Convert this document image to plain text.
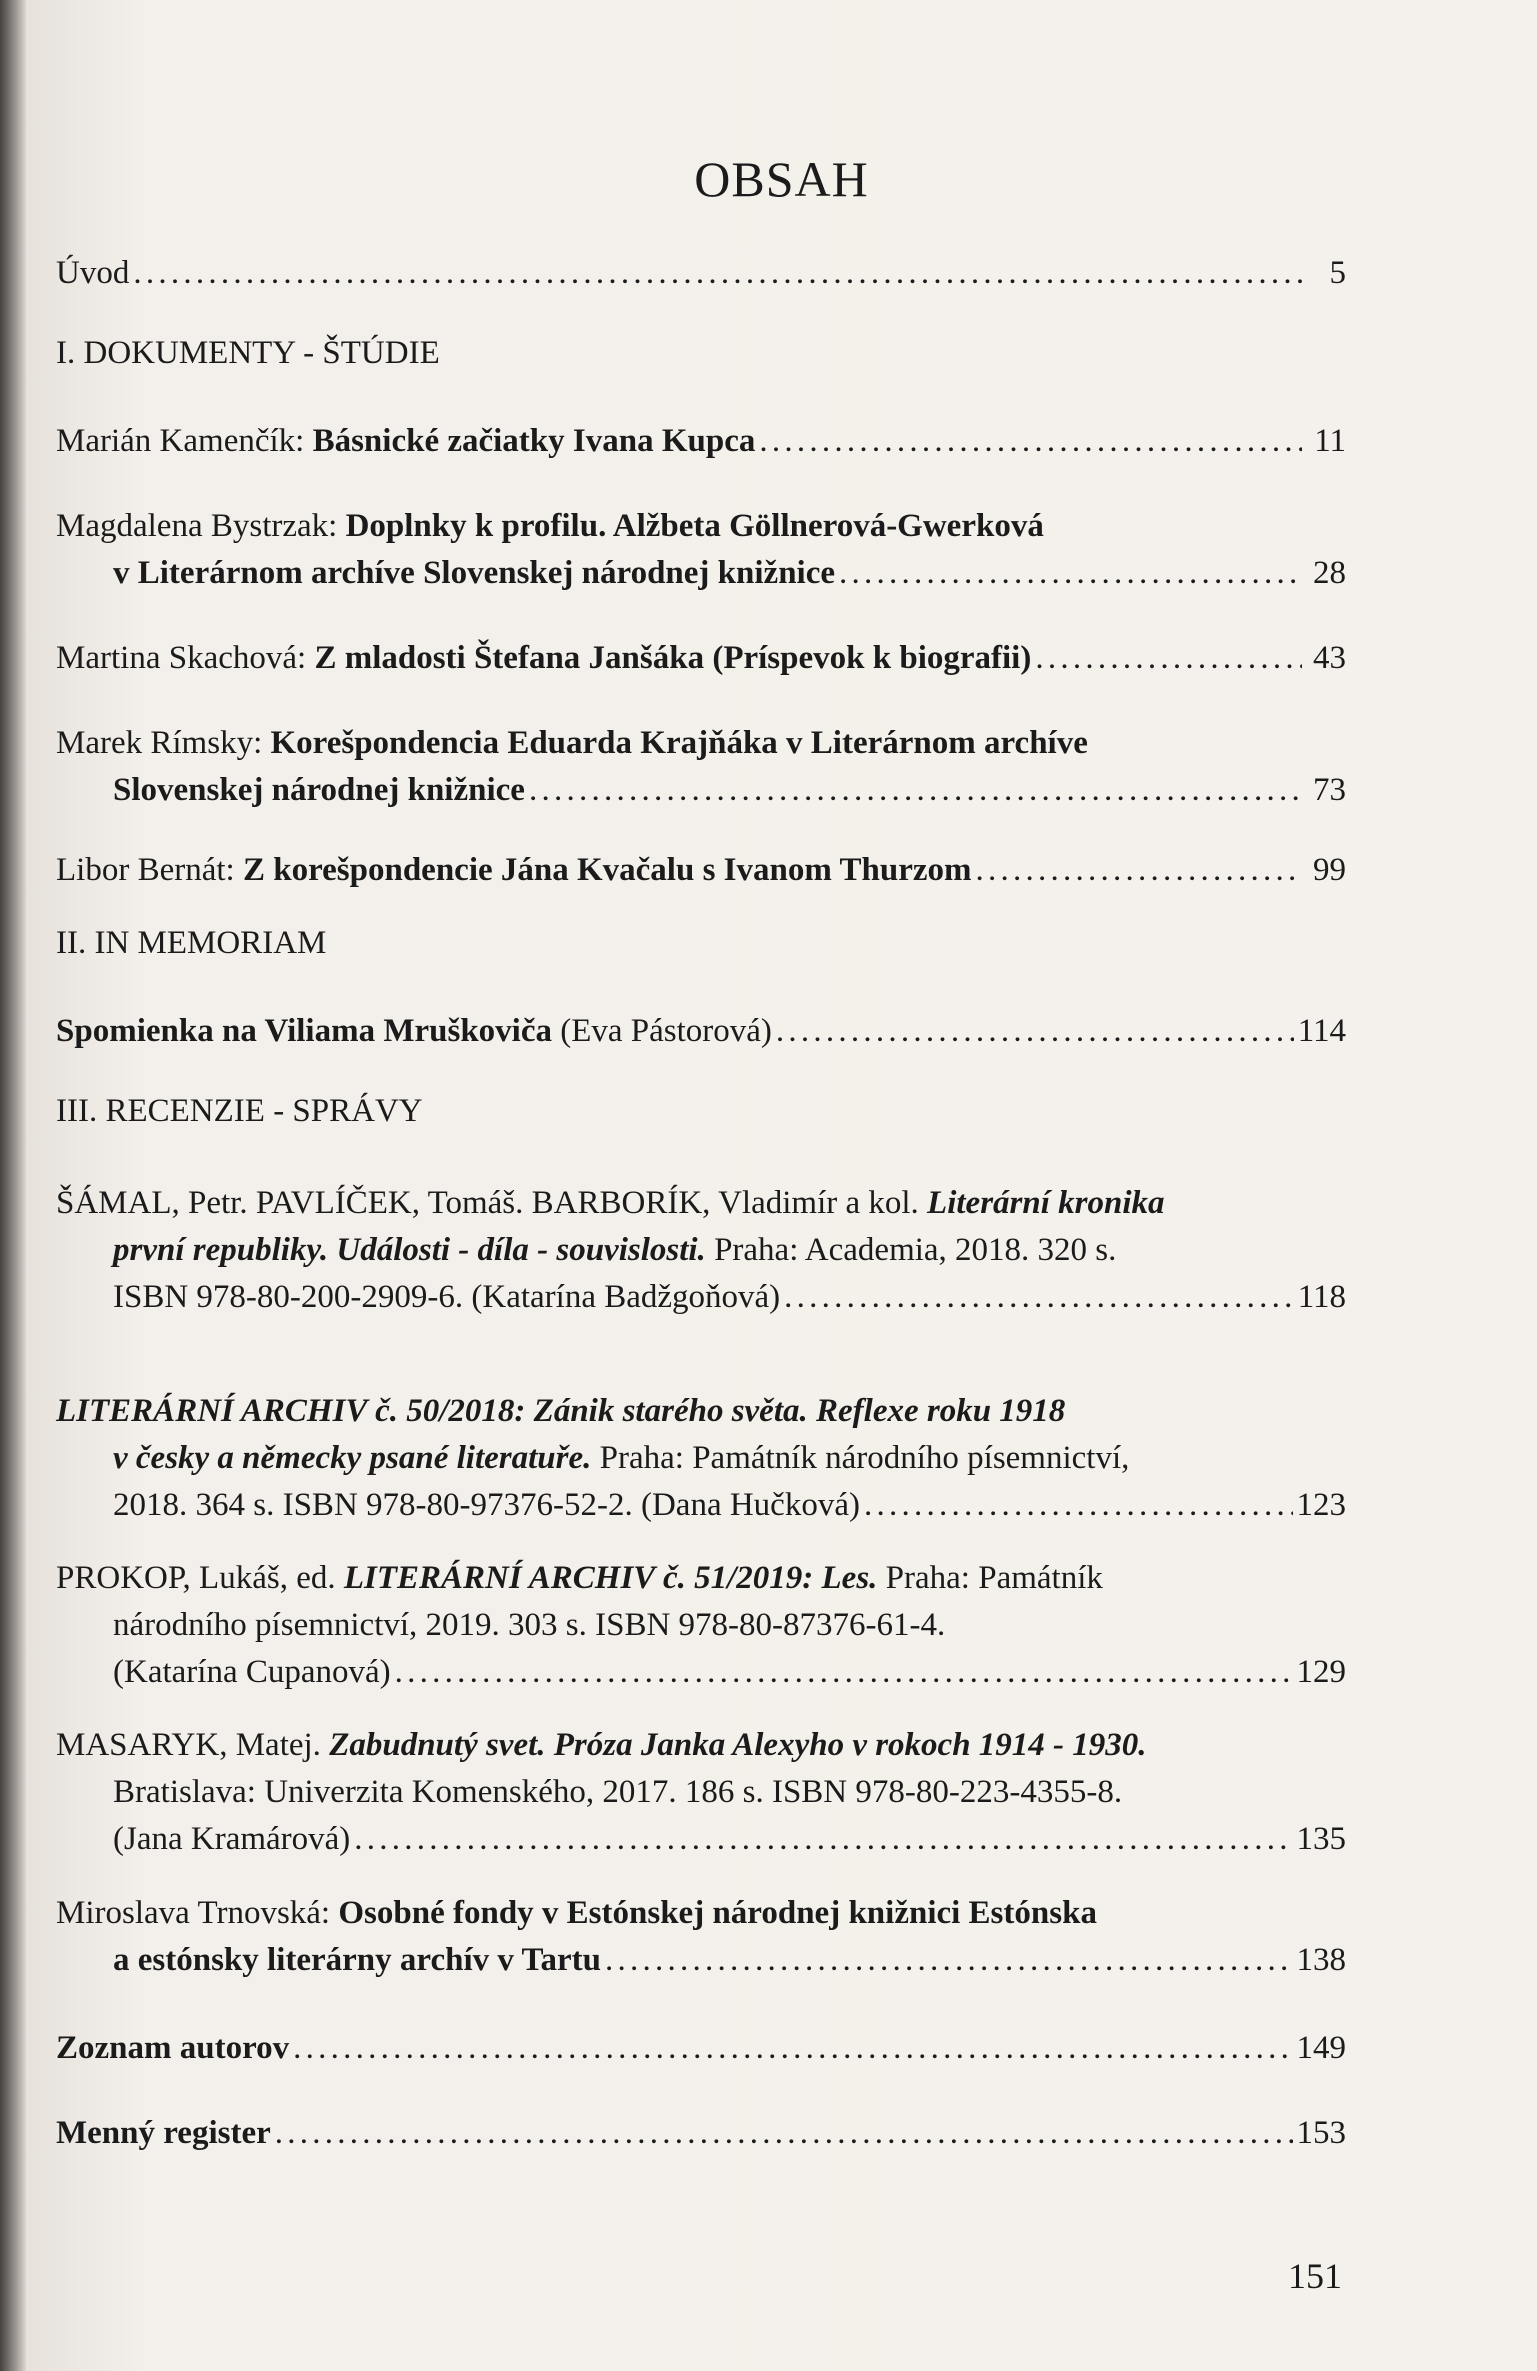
OBSAH
Úvod . . .	5
I. DOKUMENTY - ŠTÚDIE
Marián Kamenčík: Básnické začiatky Ivana Kupca . . .	11
Magdalena Bystrzak: Doplnky k profilu. Alžbeta Göllnerová-Gwerková
v Literárnom archíve Slovenskej národnej knižnice . . .	28
Martina Skachová: Z mladosti Štefana Janšáka (Príspevok k biografii) . . .	43
Marek Rímsky: Korešpondencia Eduarda Krajňáka v Literárnom archíve
Slovenskej národnej knižnice . . .	73
Libor Bernát: Z korešpondencie Jána Kvačalu s Ivanom Thurzom . . .	99
II. IN MEMORIAM
Spomienka na Viliama Mruškoviča (Eva Pástorová) . . .	114
III. RECENZIE - SPRÁVY
ŠÁMAL, Petr. PAVLÍČEK, Tomáš. BARBORÍK, Vladimír a kol. Literární kronika
první republiky. Události - díla - souvislosti. Praha: Academia, 2018. 320 s.
ISBN 978-80-200-2909-6. (Katarína Badžgoňová) . . .	118
LITERÁRNÍ ARCHIV č. 50/2018: Zánik starého světa. Reflexe roku 1918
v česky a německy psané literatuře. Praha: Památník národního písemnictví,
2018. 364 s. ISBN 978-80-97376-52-2. (Dana Hučková) . . .	123
PROKOP, Lukáš, ed. LITERÁRNÍ ARCHIV č. 51/2019: Les. Praha: Památník
národního písemnictví, 2019. 303 s. ISBN 978-80-87376-61-4.
(Katarína Cupanová) . . .	129
MASARYK, Matej. Zabudnutý svet. Próza Janka Alexyho v rokoch 1914 - 1930.
Bratislava: Univerzita Komenského, 2017. 186 s. ISBN 978-80-223-4355-8.
(Jana Kramárová) . . .	135
Miroslava Trnovská: Osobné fondy v Estónskej národnej knižnici Estónska
a estónsky literárny archív v Tartu . . .	138
Zoznam autorov . . .	149
Menný register . . .	153
151
